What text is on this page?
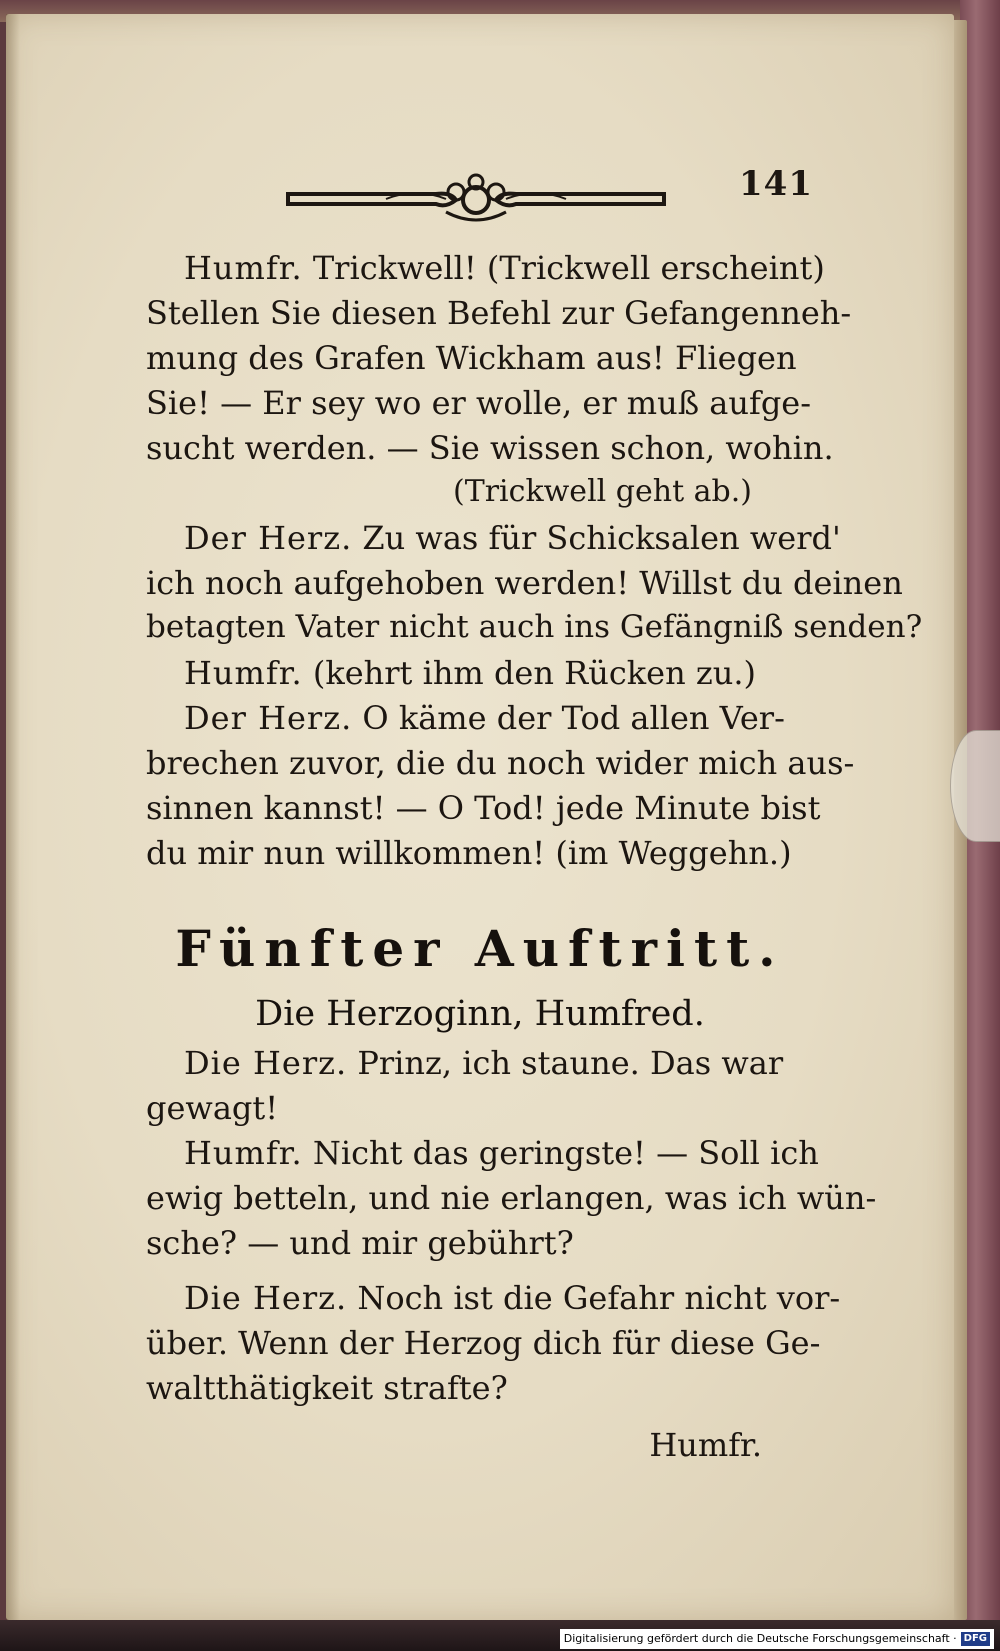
141
Humfr. Trickwell! (Trickwell erscheint)
Stellen Sie diesen Befehl zur Gefangenneh-
mung des Grafen Wickham aus! Fliegen
Sie! — Er sey wo er wolle, er muß aufge-
sucht werden. — Sie wissen schon, wohin.
(Trickwell geht ab.)
Der Herz. Zu was für Schicksalen werd'
ich noch aufgehoben werden! Willst du deinen
betagten Vater nicht auch ins Gefängniß senden?
Humfr. (kehrt ihm den Rücken zu.)
Der Herz. O käme der Tod allen Ver-
brechen zuvor, die du noch wider mich aus-
sinnen kannst! — O Tod! jede Minute bist
du mir nun willkommen! (im Weggehn.)
Fünfter Auftritt.
Die Herzoginn, Humfred.
Die Herz. Prinz, ich staune. Das war
gewagt!
Humfr. Nicht das geringste! — Soll ich
ewig betteln, und nie erlangen, was ich wün-
sche? — und mir gebührt?
Die Herz. Noch ist die Gefahr nicht vor-
über. Wenn der Herzog dich für diese Ge-
waltthätigkeit strafte?
Humfr.
Digitalisierung gefördert durch die Deutsche Forschungsgemeinschaft · DFG
